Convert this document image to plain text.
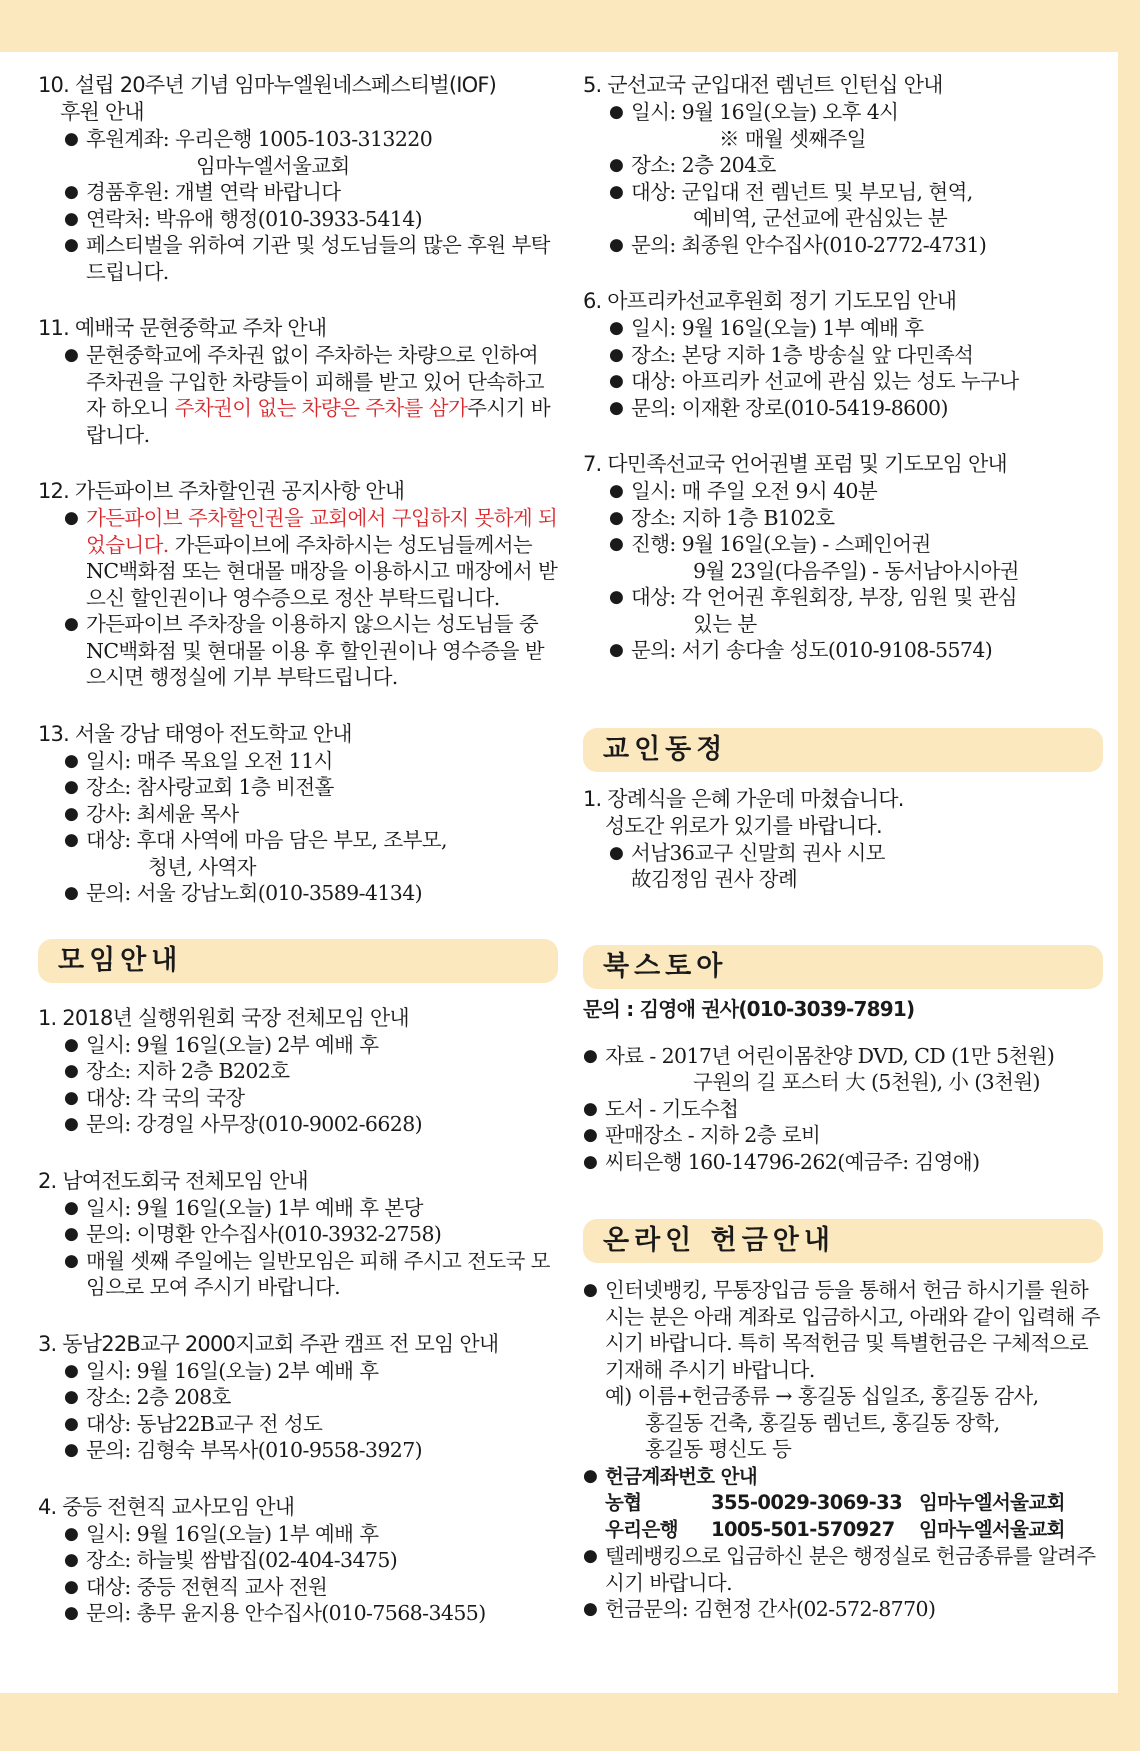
10. 설립 20주년 기념 임마누엘원네스페스티벌(IOF)
후원 안내
● 후원계좌: 우리은행 1005-103-313220
임마누엘서울교회
● 경품후원: 개별 연락 바랍니다
● 연락처: 박유애 행정(010-3933-5414)
● 페스티벌을 위하여 기관 및 성도님들의 많은 후원 부탁드립니다.
11. 예배국 문현중학교 주차 안내
● 문현중학교에 주차권 없이 주차하는 차량으로 인하여 주차권을 구입한 차량들이 피해를 받고 있어 단속하고자 하오니 주차권이 없는 차량은 주차를 삼가주시기 바랍니다.
12. 가든파이브 주차할인권 공지사항 안내
● 가든파이브 주차할인권을 교회에서 구입하지 못하게 되었습니다. 가든파이브에 주차하시는 성도님들께서는 NC백화점 또는 현대몰 매장을 이용하시고 매장에서 받으신 할인권이나 영수증으로 정산 부탁드립니다.
● 가든파이브 주차장을 이용하지 않으시는 성도님들 중 NC백화점 및 현대몰 이용 후 할인권이나 영수증을 받으시면 행정실에 기부 부탁드립니다.
13. 서울 강남 태영아 전도학교 안내
● 일시: 매주 목요일 오전 11시
● 장소: 참사랑교회 1층 비전홀
● 강사: 최세윤 목사
● 대상: 후대 사역에 마음 담은 부모, 조부모,
청년, 사역자
● 문의: 서울 강남노회(010-3589-4134)
모임안내
1. 2018년 실행위원회 국장 전체모임 안내
● 일시: 9월 16일(오늘) 2부 예배 후
● 장소: 지하 2층 B202호
● 대상: 각 국의 국장
● 문의: 강경일 사무장(010-9002-6628)
2. 남여전도회국 전체모임 안내
● 일시: 9월 16일(오늘) 1부 예배 후 본당
● 문의: 이명환 안수집사(010-3932-2758)
● 매월 셋째 주일에는 일반모임은 피해 주시고 전도국 모임으로 모여 주시기 바랍니다.
3. 동남22B교구 2000지교회 주관 캠프 전 모임 안내
● 일시: 9월 16일(오늘) 2부 예배 후
● 장소: 2층 208호
● 대상: 동남22B교구 전 성도
● 문의: 김형숙 부목사(010-9558-3927)
4. 중등 전현직 교사모임 안내
● 일시: 9월 16일(오늘) 1부 예배 후
● 장소: 하늘빛 쌈밥집(02-404-3475)
● 대상: 중등 전현직 교사 전원
● 문의: 총무 윤지용 안수집사(010-7568-3455)
5. 군선교국 군입대전 렘넌트 인턴십 안내
● 일시: 9월 16일(오늘) 오후 4시
※ 매월 셋째주일
● 장소: 2층 204호
● 대상: 군입대 전 렘넌트 및 부모님, 현역,
예비역, 군선교에 관심있는 분
● 문의: 최종원 안수집사(010-2772-4731)
6. 아프리카선교후원회 정기 기도모임 안내
● 일시: 9월 16일(오늘) 1부 예배 후
● 장소: 본당 지하 1층 방송실 앞 다민족석
● 대상: 아프리카 선교에 관심 있는 성도 누구나
● 문의: 이재환 장로(010-5419-8600)
7. 다민족선교국 언어권별 포럼 및 기도모임 안내
● 일시: 매 주일 오전 9시 40분
● 장소: 지하 1층 B102호
● 진행: 9월 16일(오늘) - 스페인어권
9월 23일(다음주일) - 동서남아시아권
● 대상: 각 언어권 후원회장, 부장, 임원 및 관심
있는 분
● 문의: 서기 송다솔 성도(010-9108-5574)
교인동정
1. 장례식을 은혜 가운데 마쳤습니다.
성도간 위로가 있기를 바랍니다.
● 서남36교구 신말희 권사 시모
故김정임 권사 장례
북스토아
문의 : 김영애 권사(010-3039-7891)
● 자료 - 2017년 어린이몸찬양 DVD, CD (1만 5천원)
구원의 길 포스터 大 (5천원), 小 (3천원)
● 도서 - 기도수첩
● 판매장소 - 지하 2층 로비
● 씨티은행 160-14796-262(예금주: 김영애)
온라인 헌금안내
● 인터넷뱅킹, 무통장입금 등을 통해서 헌금 하시기를 원하시는 분은 아래 계좌로 입금하시고, 아래와 같이 입력해 주시기 바랍니다. 특히 목적헌금 및 특별헌금은 구체적으로 기재해 주시기 바랍니다.
예) 이름+헌금종류 → 홍길동 십일조, 홍길동 감사,
홍길동 건축, 홍길동 렘넌트, 홍길동 장학,
홍길동 평신도 등
● 헌금계좌번호 안내
농협	355-0029-3069-33 임마누엘서울교회
우리은행 1005-501-570927 임마누엘서울교회
● 텔레뱅킹으로 입금하신 분은 행정실로 헌금종류를 알려주시기 바랍니다.
● 헌금문의: 김현정 간사(02-572-8770)
